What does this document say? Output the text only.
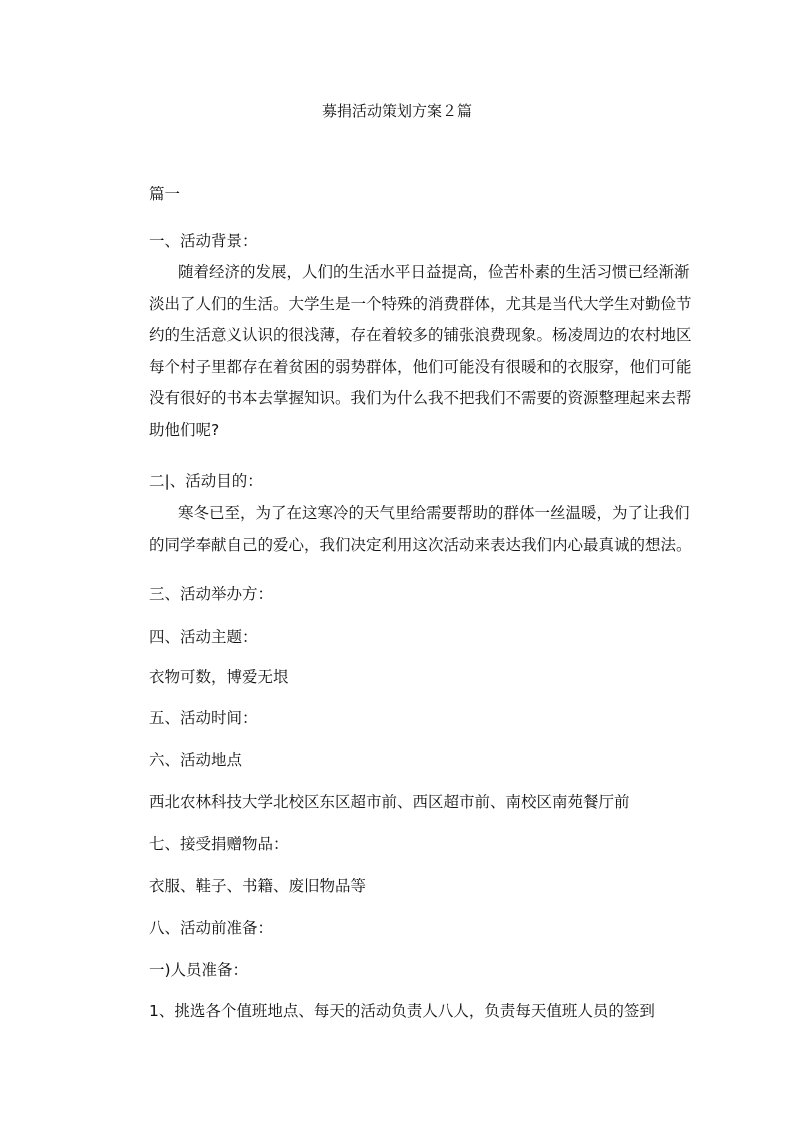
募捐活动策划方案２篇
篇一
一、活动背景：
随着经济的发展，人们的生活水平日益提高，俭苦朴素的生活习惯已经渐渐
淡出了人们的生活。大学生是一个特殊的消费群体，尤其是当代大学生对勤俭节
约的生活意义认识的很浅薄，存在着较多的铺张浪费现象。杨凌周边的农村地区
每个村子里都存在着贫困的弱势群体，他们可能没有很暖和的衣服穿，他们可能
没有很好的书本去掌握知识。我们为什么我不把我们不需要的资源整理起来去帮
助他们呢?
二|、活动目的：
寒冬已至，为了在这寒冷的天气里给需要帮助的群体一丝温暖，为了让我们
的同学奉献自己的爱心，我们决定利用这次活动来表达我们内心最真诚的想法。
三、活动举办方：
四、活动主题：
衣物可数，博爱无垠
五、活动时间：
六、活动地点
西北农林科技大学北校区东区超市前、西区超市前、南校区南苑餐厅前
七、接受捐赠物品：
衣服、鞋子、书籍、废旧物品等
八、活动前准备：
一)人员准备：
1、挑选各个值班地点、每天的活动负责人八人，负责每天值班人员的签到
